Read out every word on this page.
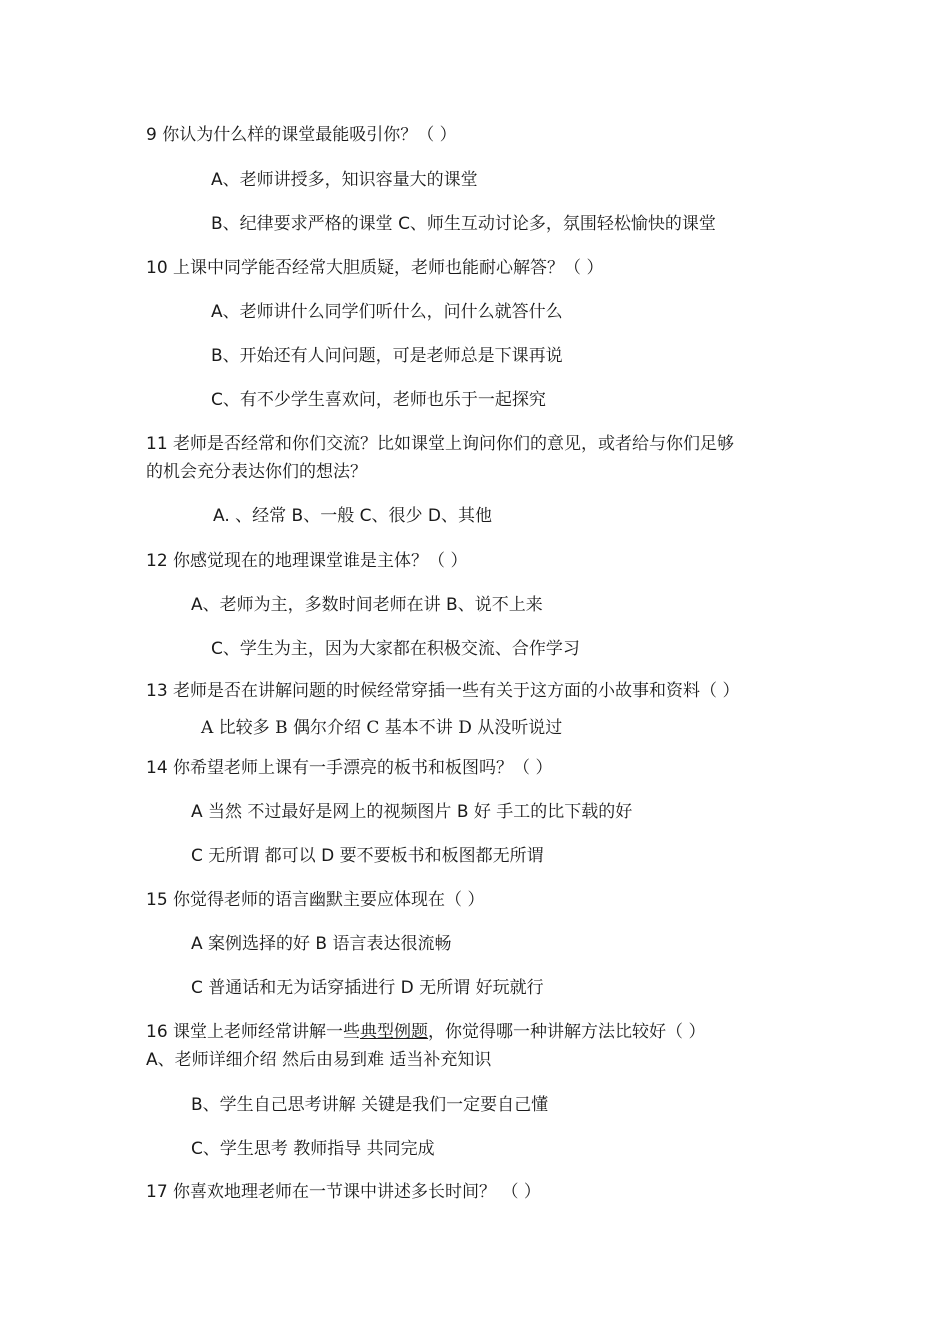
9 你认为什么样的课堂最能吸引你？（ ）
A、老师讲授多，知识容量大的课堂
B、纪律要求严格的课堂 C、师生互动讨论多，氛围轻松愉快的课堂
10 上课中同学能否经常大胆质疑，老师也能耐心解答？（ ）
A、老师讲什么同学们听什么，问什么就答什么
B、开始还有人问问题，可是老师总是下课再说
C、有不少学生喜欢问，老师也乐于一起探究
11 老师是否经常和你们交流？比如课堂上询问你们的意见，或者给与你们足够
的机会充分表达你们的想法？
A. 、经常 B、一般 C、很少 D、其他
12 你感觉现在的地理课堂谁是主体？（ ）
A、老师为主，多数时间老师在讲 B、说不上来
C、学生为主，因为大家都在积极交流、合作学习
13 老师是否在讲解问题的时候经常穿插一些有关于这方面的小故事和资料（ ）
A 比较多 B 偶尔介绍 C 基本不讲 D 从没听说过
14 你希望老师上课有一手漂亮的板书和板图吗？（ ）
A 当然 不过最好是网上的视频图片 B 好 手工的比下载的好
C 无所谓 都可以 D 要不要板书和板图都无所谓
15 你觉得老师的语言幽默主要应体现在（ ）
A 案例选择的好 B 语言表达很流畅
C 普通话和无为话穿插进行 D 无所谓 好玩就行
16 课堂上老师经常讲解一些典型例题，你觉得哪一种讲解方法比较好（ ）
A、老师详细介绍 然后由易到难 适当补充知识
B、学生自己思考讲解 关键是我们一定要自己懂
C、学生思考 教师指导 共同完成
17 你喜欢地理老师在一节课中讲述多长时间？ （ ）
